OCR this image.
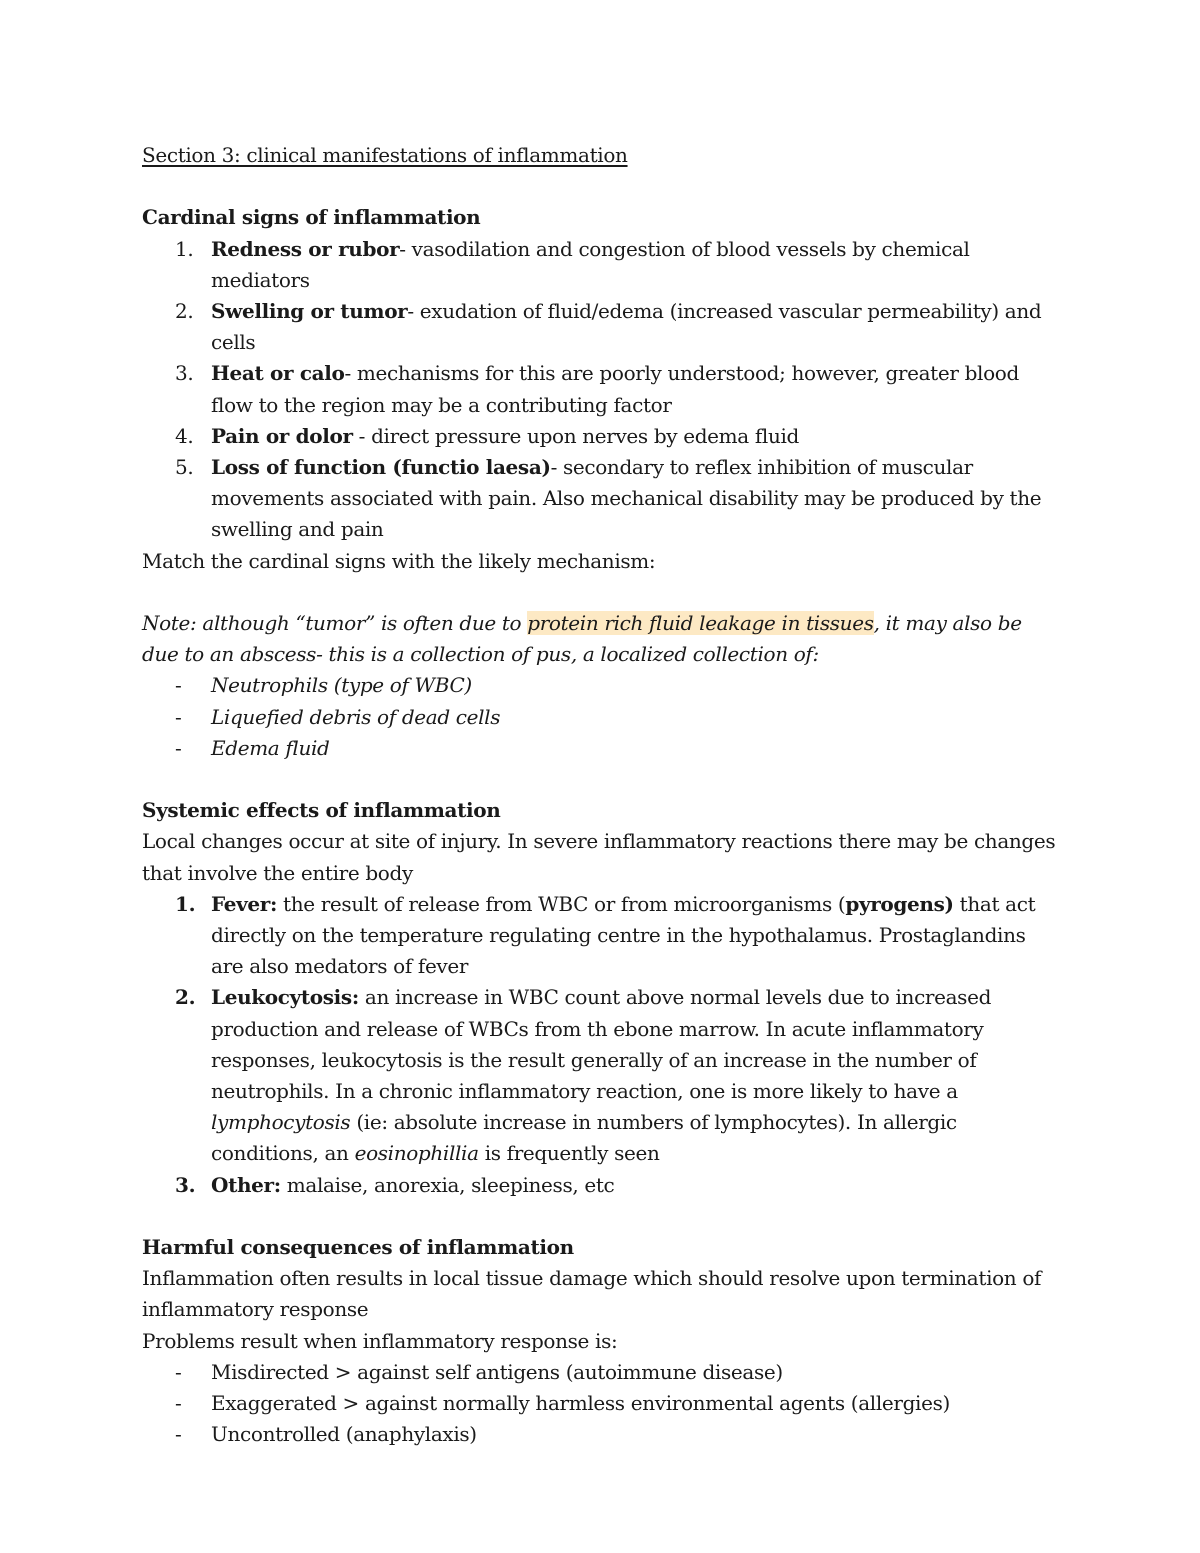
Section 3: clinical manifestations of inflammation

Cardinal signs of inflammation

1. Redness or rubor- vasodilation and congestion of blood vessels by chemical mediators
2. Swelling or tumor- exudation of fluid/edema (increased vascular permeability) and cells
3. Heat or calo- mechanisms for this are poorly understood; however, greater blood flow to the region may be a contributing factor
4. Pain or dolor - direct pressure upon nerves by edema fluid
5. Loss of function (functio laesa)- secondary to reflex inhibition of muscular movements associated with pain. Also mechanical disability may be produced by the swelling and pain

Match the cardinal signs with the likely mechanism:

Note: although “tumor” is often due to protein rich fluid leakage in tissues, it may also be due to an abscess- this is a collection of pus, a localized collection of:

- Neutrophils (type of WBC)
- Liquefied debris of dead cells
- Edema fluid

Systemic effects of inflammation

Local changes occur at site of injury. In severe inflammatory reactions there may be changes that involve the entire body

1. Fever: the result of release from WBC or from microorganisms (pyrogens) that act directly on the temperature regulating centre in the hypothalamus. Prostaglandins are also medators of fever
2. Leukocytosis: an increase in WBC count above normal levels due to increased production and release of WBCs from th ebone marrow. In acute inflammatory responses, leukocytosis is the result generally of an increase in the number of neutrophils. In a chronic inflammatory reaction, one is more likely to have a lymphocytosis (ie: absolute increase in numbers of lymphocytes). In allergic conditions, an eosinophillia is frequently seen
3. Other: malaise, anorexia, sleepiness, etc

Harmful consequences of inflammation

Inflammation often results in local tissue damage which should resolve upon termination of inflammatory response

Problems result when inflammatory response is:

- Misdirected > against self antigens (autoimmune disease)
- Exaggerated > against normally harmless environmental agents (allergies)
- Uncontrolled (anaphylaxis)
